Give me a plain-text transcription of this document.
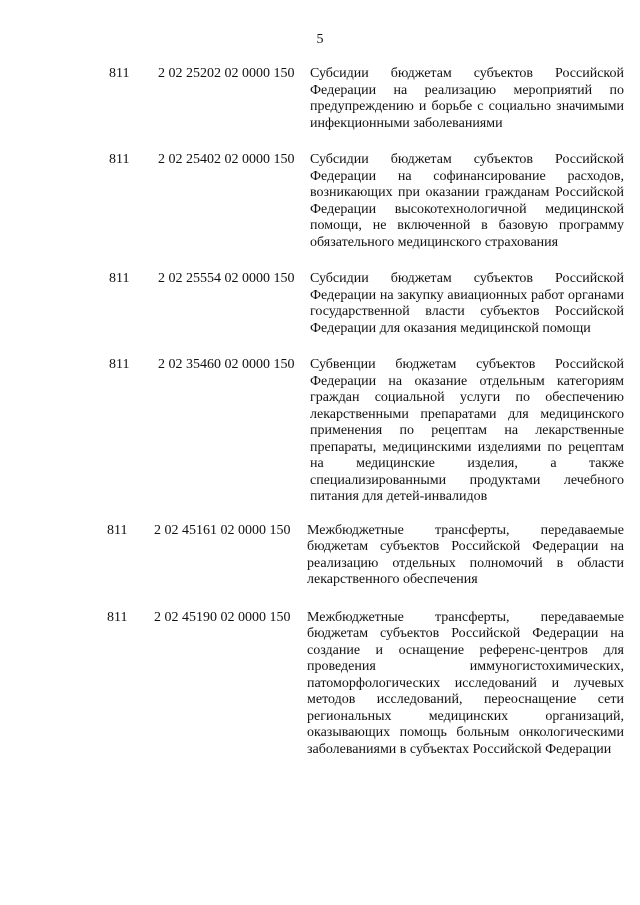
5
811 2 02 25202 02 0000 150 Субсидии бюджетам субъектов Российской Федерации на реализацию мероприятий по предупреждению и борьбе с социально значимыми инфекционными заболеваниями
811 2 02 25402 02 0000 150 Субсидии бюджетам субъектов Российской Федерации на софинансирование расходов, возникающих при оказании гражданам Российской Федерации высокотехнологичной медицинской помощи, не включенной в базовую программу обязательного медицинского страхования
811 2 02 25554 02 0000 150 Субсидии бюджетам субъектов Российской Федерации на закупку авиационных работ органами государственной власти субъектов Российской Федерации для оказания медицинской помощи
811 2 02 35460 02 0000 150 Субвенции бюджетам субъектов Российской Федерации на оказание отдельным категориям граждан социальной услуги по обеспечению лекарственными препаратами для медицинского применения по рецептам на лекарственные препараты, медицинскими изделиями по рецептам на медицинские изделия, а также специализированными продуктами лечебного питания для детей-инвалидов
811 2 02 45161 02 0000 150 Межбюджетные трансферты, передаваемые бюджетам субъектов Российской Федерации на реализацию отдельных полномочий в области лекарственного обеспечения
811 2 02 45190 02 0000 150 Межбюджетные трансферты, передаваемые бюджетам субъектов Российской Федерации на создание и оснащение референс-центров для проведения иммуногистохимических, патоморфологических исследований и лучевых методов исследований, переоснащение сети региональных медицинских организаций, оказывающих помощь больным онкологическими заболеваниями в субъектах Российской Федерации
